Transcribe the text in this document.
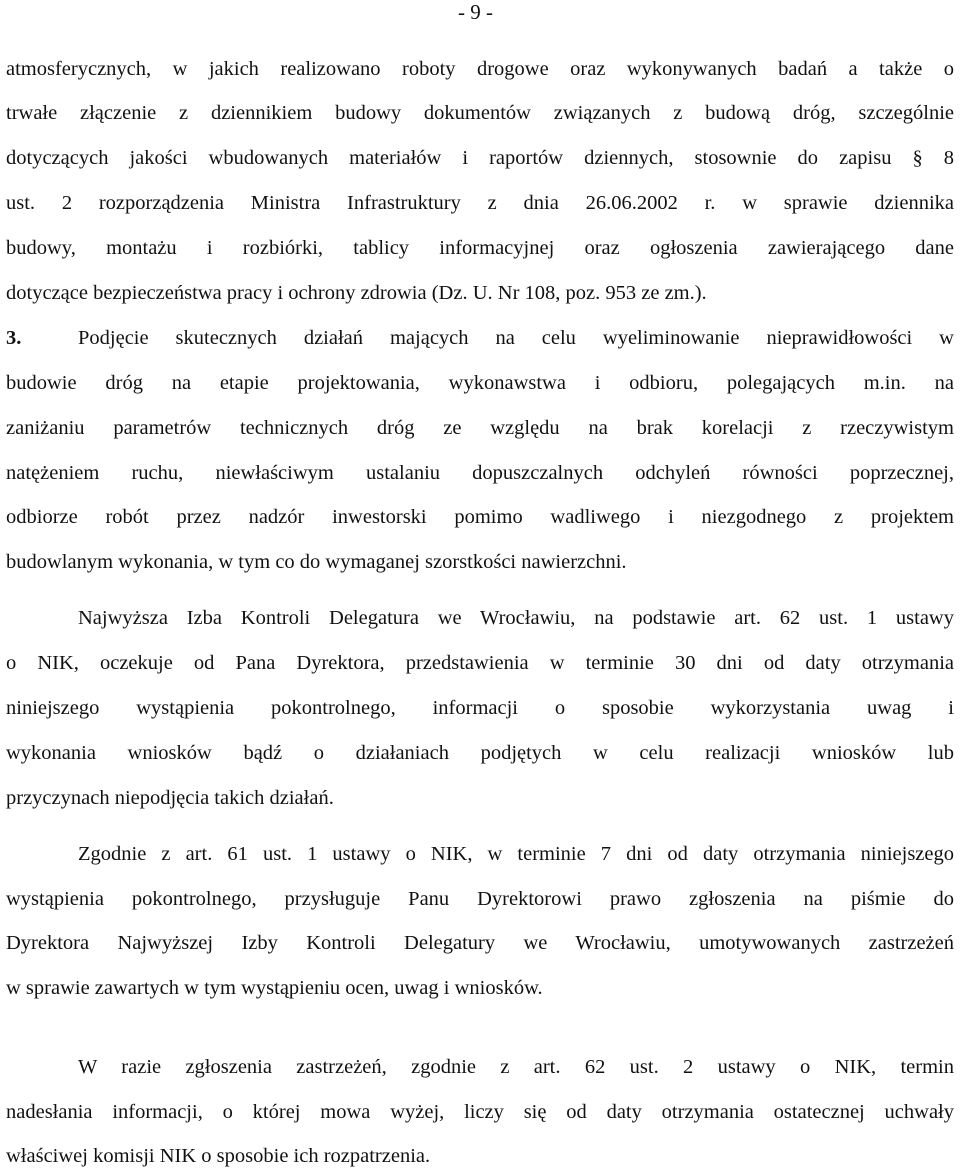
- 9 -
atmosferycznych, w jakich realizowano roboty drogowe oraz wykonywanych badań a także o
trwałe złączenie z dziennikiem budowy dokumentów związanych z budową dróg, szczególnie
dotyczących jakości wbudowanych materiałów i raportów dziennych, stosownie do zapisu § 8
ust. 2 rozporządzenia Ministra Infrastruktury z dnia 26.06.2002 r. w sprawie dziennika
budowy, montażu i rozbiórki, tablicy informacyjnej oraz ogłoszenia zawierającego dane
dotyczące bezpieczeństwa pracy i ochrony zdrowia (Dz. U. Nr 108, poz. 953 ze zm.).
3.	Podjęcie skutecznych działań mających na celu wyeliminowanie nieprawidłowości w
budowie dróg na etapie projektowania, wykonawstwa i odbioru, polegających m.in. na
zaniżaniu parametrów technicznych dróg ze względu na brak korelacji z rzeczywistym
natężeniem ruchu, niewłaściwym ustalaniu dopuszczalnych odchyleń równości poprzecznej,
odbiorze robót przez nadzór inwestorski pomimo wadliwego i niezgodnego z projektem
budowlanym wykonania, w tym co do wymaganej szorstkości nawierzchni.
Najwyższa Izba Kontroli Delegatura we Wrocławiu, na podstawie art. 62 ust. 1 ustawy
o NIK, oczekuje od Pana Dyrektora, przedstawienia w terminie 30 dni od daty otrzymania
niniejszego wystąpienia pokontrolnego, informacji o sposobie wykorzystania uwag i
wykonania wniosków bądź o działaniach podjętych w celu realizacji wniosków lub
przyczynach niepodjęcia takich działań.
Zgodnie z art. 61 ust. 1 ustawy o NIK, w terminie 7 dni od daty otrzymania niniejszego
wystąpienia pokontrolnego, przysługuje Panu Dyrektorowi prawo zgłoszenia na piśmie do
Dyrektora Najwyższej Izby Kontroli Delegatury we Wrocławiu, umotywowanych zastrzeżeń
w sprawie zawartych w tym wystąpieniu ocen, uwag i wniosków.
W razie zgłoszenia zastrzeżeń, zgodnie z art. 62 ust. 2 ustawy o NIK, termin
nadesłania informacji, o której mowa wyżej, liczy się od daty otrzymania ostatecznej uchwały
właściwej komisji NIK o sposobie ich rozpatrzenia.
